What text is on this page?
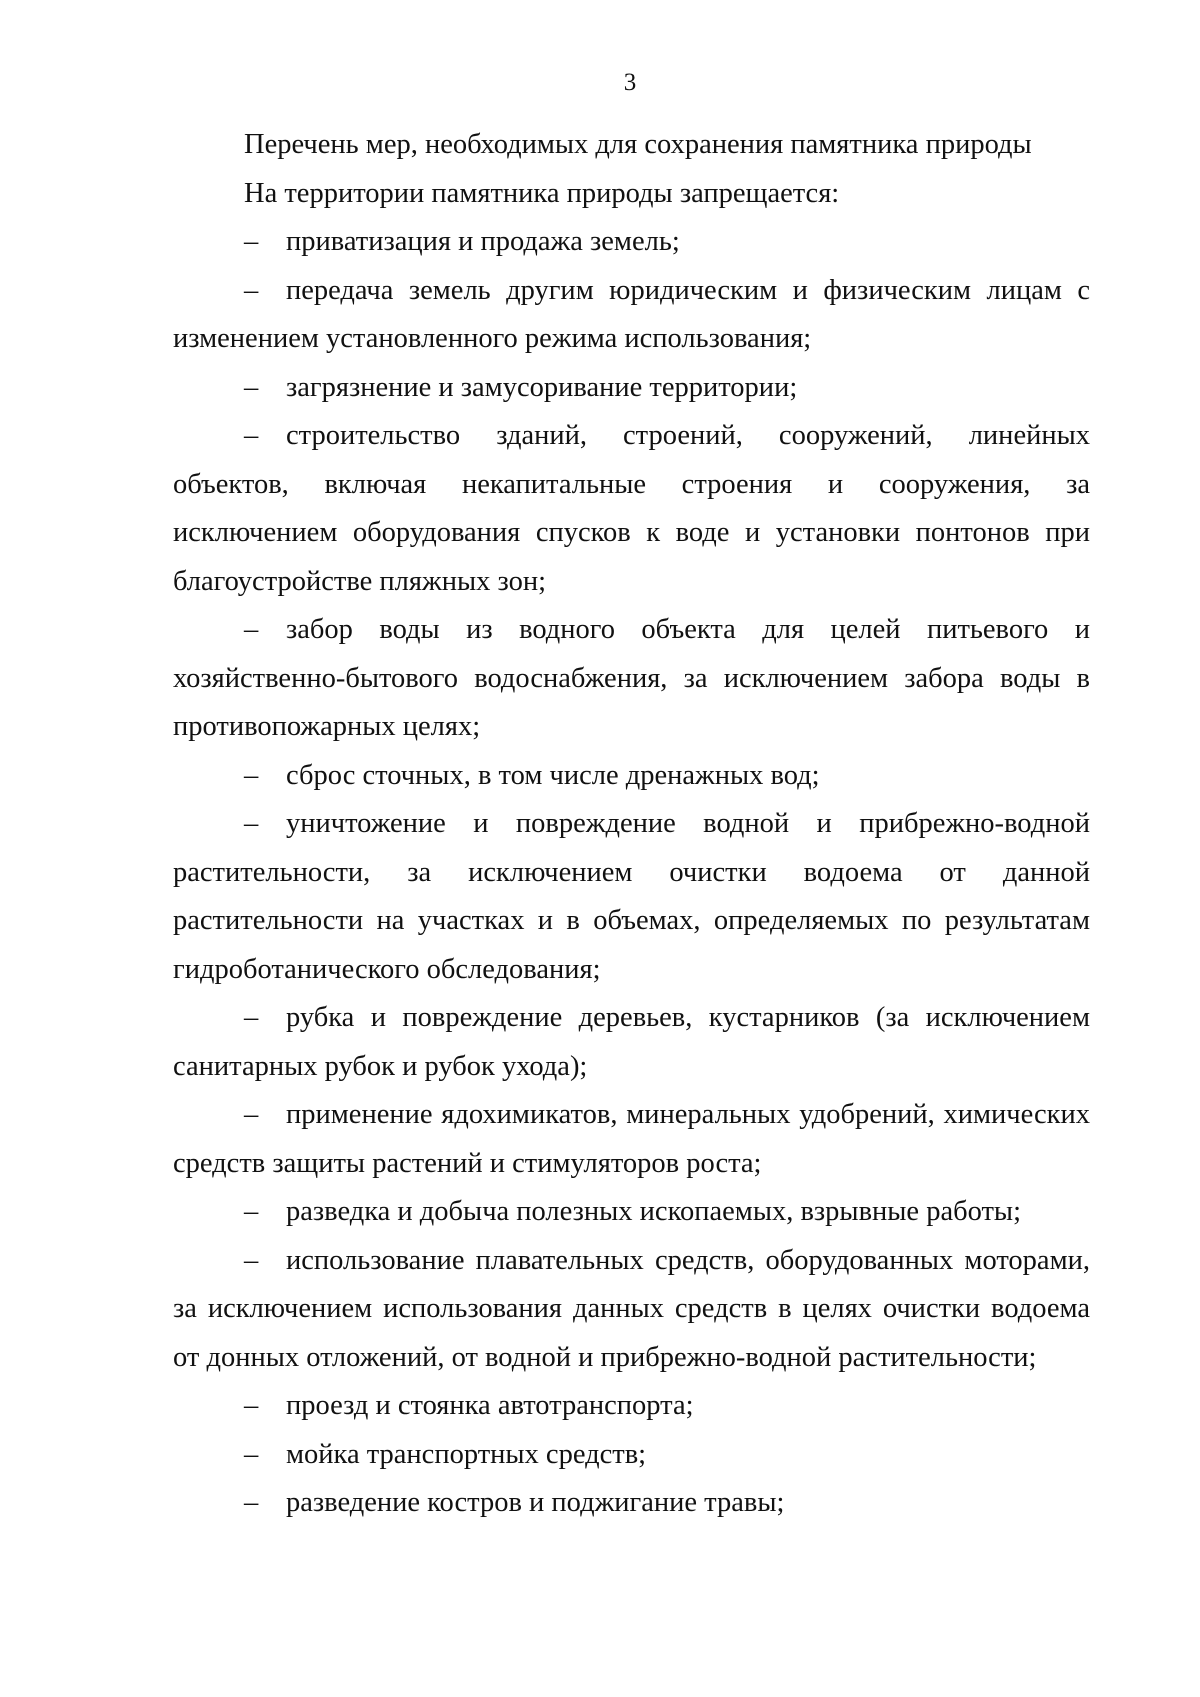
3

Перечень мер, необходимых для сохранения памятника природы

На территории памятника природы запрещается:

– приватизация и продажа земель;

– передача земель другим юридическим и физическим лицам с изменением установленного режима использования;

– загрязнение и замусоривание территории;

– строительство зданий, строений, сооружений, линейных объектов, включая некапитальные строения и сооружения, за исключением оборудования спусков к воде и установки понтонов при благоустройстве пляжных зон;

– забор воды из водного объекта для целей питьевого и хозяйственно-бытового водоснабжения, за исключением забора воды в противопожарных целях;

– сброс сточных, в том числе дренажных вод;

– уничтожение и повреждение водной и прибрежно-водной растительности, за исключением очистки водоема от данной растительности на участках и в объемах, определяемых по результатам гидроботанического обследования;

– рубка и повреждение деревьев, кустарников (за исключением санитарных рубок и рубок ухода);

– применение ядохимикатов, минеральных удобрений, химических средств защиты растений и стимуляторов роста;

– разведка и добыча полезных ископаемых, взрывные работы;

– использование плавательных средств, оборудованных моторами, за исключением использования данных средств в целях очистки водоема от донных отложений, от водной и прибрежно-водной растительности;

– проезд и стоянка автотранспорта;

– мойка транспортных средств;

– разведение костров и поджигание травы;
